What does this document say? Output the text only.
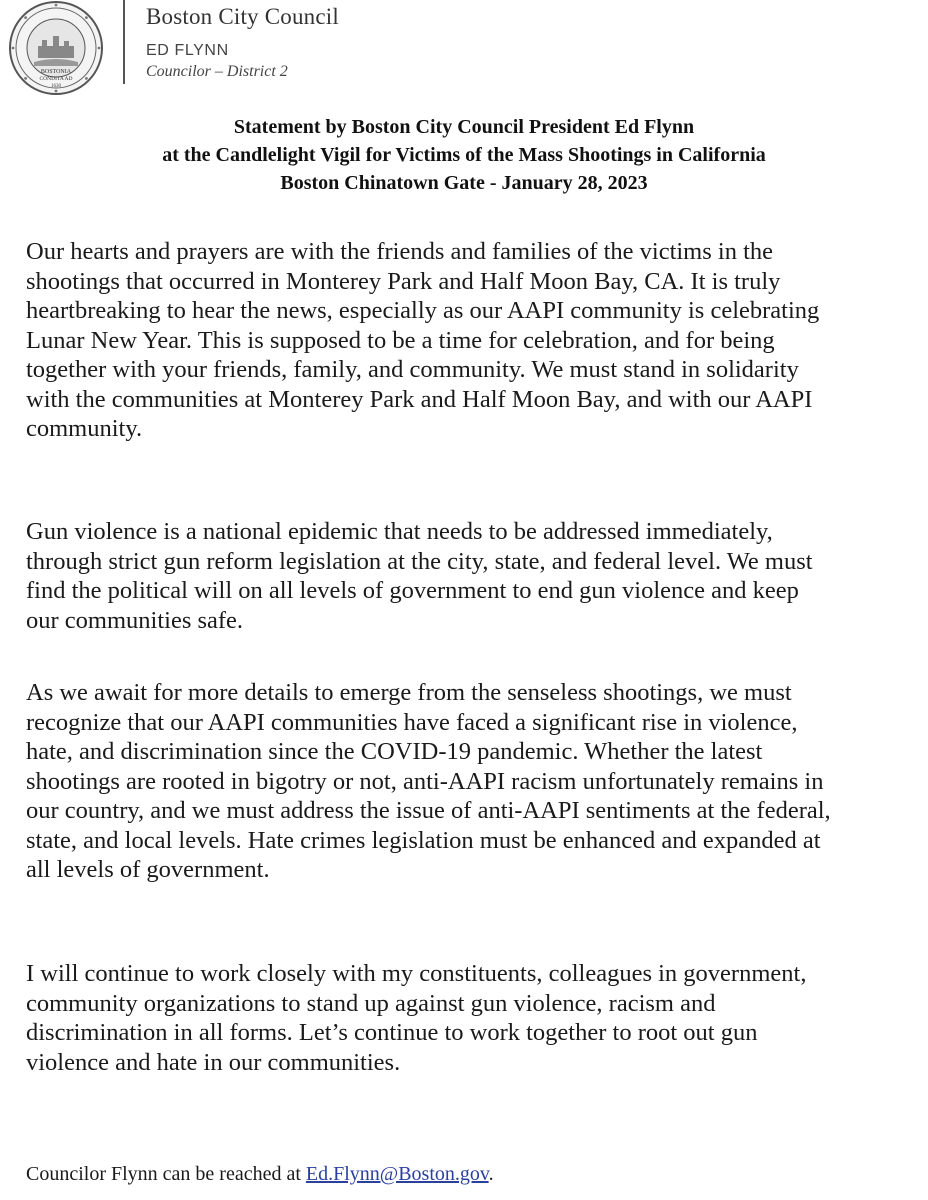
BOSTONIA
CONDITA AD
1630
Boston City Council
ED FLYNN
Councilor – District 2
Statement by Boston City Council President Ed Flynn
at the Candlelight Vigil for Victims of the Mass Shootings in California
Boston Chinatown Gate - January 28, 2023
Our hearts and prayers are with the friends and families of the victims in the
shootings that occurred in Monterey Park and Half Moon Bay, CA. It is truly
heartbreaking to hear the news, especially as our AAPI community is celebrating
Lunar New Year. This is supposed to be a time for celebration, and for being
together with your friends, family, and community. We must stand in solidarity
with the communities at Monterey Park and Half Moon Bay, and with our AAPI
community.
Gun violence is a national epidemic that needs to be addressed immediately,
through strict gun reform legislation at the city, state, and federal level. We must
find the political will on all levels of government to end gun violence and keep
our communities safe.
As we await for more details to emerge from the senseless shootings, we must
recognize that our AAPI communities have faced a significant rise in violence,
hate, and discrimination since the COVID-19 pandemic. Whether the latest
shootings are rooted in bigotry or not, anti-AAPI racism unfortunately remains in
our country, and we must address the issue of anti-AAPI sentiments at the federal,
state, and local levels. Hate crimes legislation must be enhanced and expanded at
all levels of government.
I will continue to work closely with my constituents, colleagues in government,
community organizations to stand up against gun violence, racism and
discrimination in all forms. Let’s continue to work together to root out gun
violence and hate in our communities.
Councilor Flynn can be reached at Ed.Flynn@Boston.gov.
